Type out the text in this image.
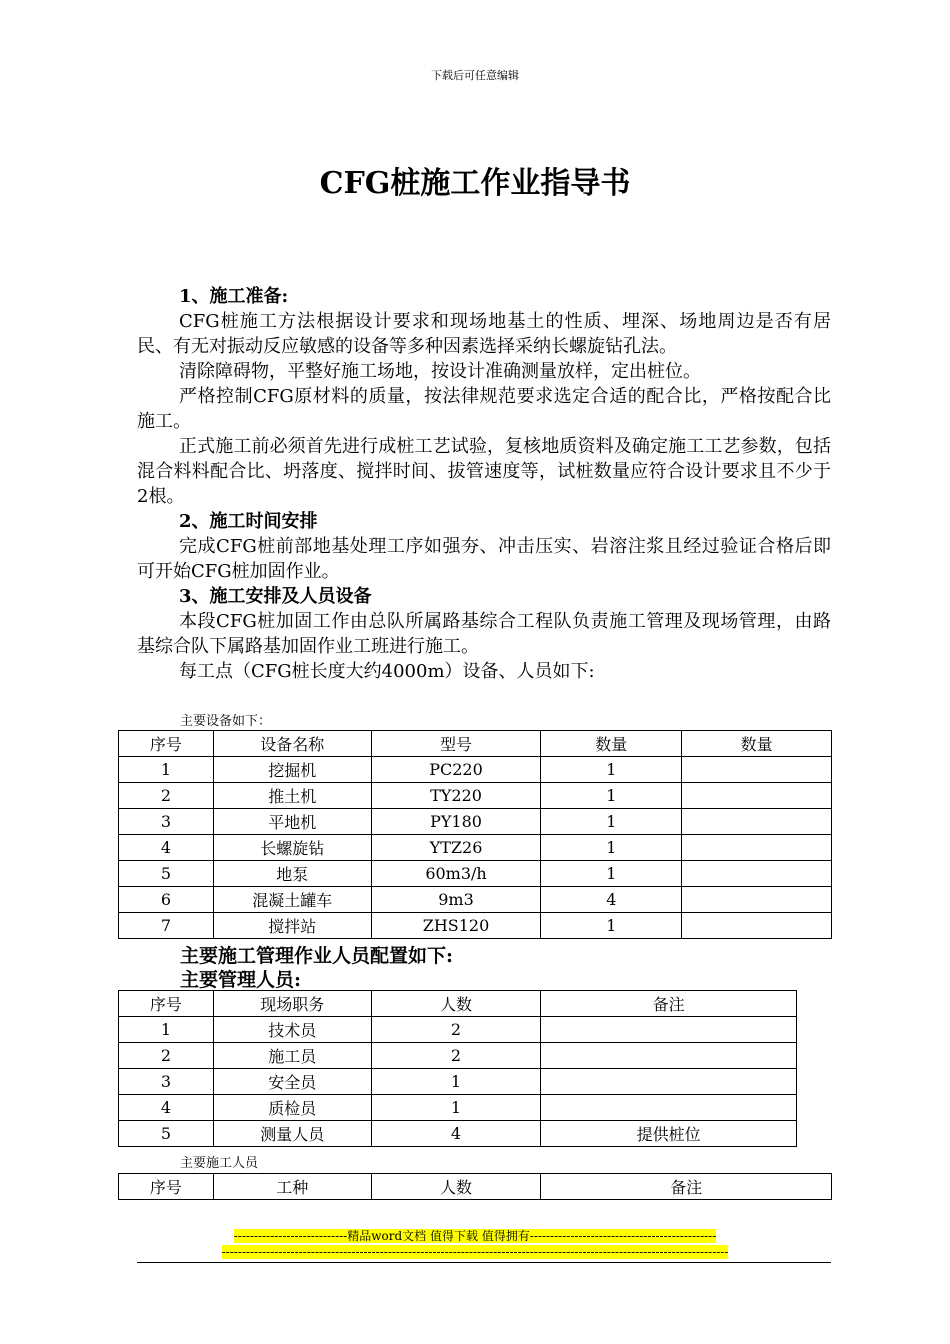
下载后可任意编辑
CFG桩施工作业指导书
1、施工准备:
CFG桩施工方法根据设计要求和现场地基土的性质、埋深、场地周边是否有居民、有无对振动反应敏感的设备等多种因素选择采纳长螺旋钻孔法。
清除障碍物，平整好施工场地，按设计准确测量放样，定出桩位。
严格控制CFG原材料的质量，按法律规范要求选定合适的配合比，严格按配合比施工。
正式施工前必须首先进行成桩工艺试验，复核地质资料及确定施工工艺参数，包括混合料料配合比、坍落度、搅拌时间、拔管速度等，试桩数量应符合设计要求且不少于2根。
2、施工时间安排
完成CFG桩前部地基处理工序如强夯、冲击压实、岩溶注浆且经过验证合格后即可开始CFG桩加固作业。
3、施工安排及人员设备
本段CFG桩加固工作由总队所属路基综合工程队负责施工管理及现场管理，由路基综合队下属路基加固作业工班进行施工。
每工点（CFG桩长度大约4000m）设备、人员如下:
主要设备如下：
序号	设备名称	型号	数量	数量
1	挖掘机	PC220	1	
2	推土机	TY220	1	
3	平地机	PY180	1	
4	长螺旋钻	YTZ26	1	
5	地泵	60m3/h	1	
6	混凝土罐车	9m3	4	
7	搅拌站	ZHS120	1	
主要施工管理作业人员配置如下:
主要管理人员:
序号	现场职务	人数	备注
1	技术员	2	
2	施工员	2	
3	安全员	1	
4	质检员	1	
5	测量人员	4	提供桩位
主要施工人员
序号	工种	人数	备注
----------------------------精品word文档 值得下载 值得拥有----------------------------------------------
-----------------------------------------------------------------------------------------------------------------------------
